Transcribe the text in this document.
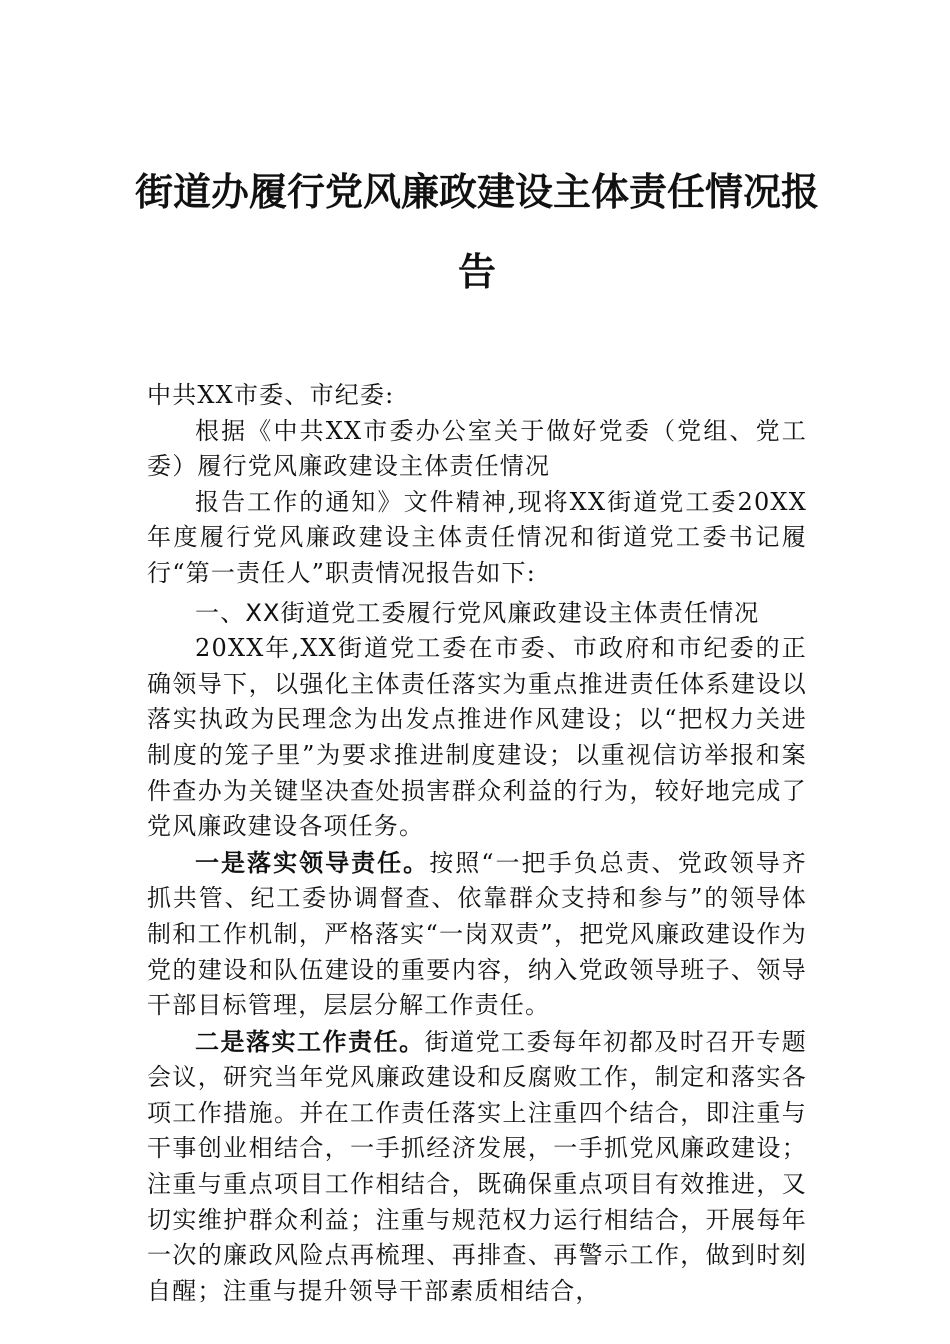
街道办履行党风廉政建设主体责任情况报
告

中共XX市委、市纪委:

根据《中共XX市委办公室关于做好党委（党组、党工委）履行党风廉政建设主体责任情况

报告工作的通知》文件精神,现将XX街道党工委20XX年度履行党风廉政建设主体责任情况和街道党工委书记履行“第一责任人”职责情况报告如下:

一、XX街道党工委履行党风廉政建设主体责任情况

20XX年,XX街道党工委在市委、市政府和市纪委的正确领导下，以强化主体责任落实为重点推进责任体系建设以落实执政为民理念为出发点推进作风建设；以“把权力关进制度的笼子里”为要求推进制度建设；以重视信访举报和案件查办为关键坚决查处损害群众利益的行为，较好地完成了党风廉政建设各项任务。

一是落实领导责任。按照“一把手负总责、党政领导齐抓共管、纪工委协调督查、依靠群众支持和参与”的领导体制和工作机制，严格落实“一岗双责”，把党风廉政建设作为党的建设和队伍建设的重要内容，纳入党政领导班子、领导干部目标管理，层层分解工作责任。

二是落实工作责任。街道党工委每年初都及时召开专题会议，研究当年党风廉政建设和反腐败工作，制定和落实各项工作措施。并在工作责任落实上注重四个结合，即注重与干事创业相结合，一手抓经济发展，一手抓党风廉政建设；注重与重点项目工作相结合，既确保重点项目有效推进，又切实维护群众利益；注重与规范权力运行相结合，开展每年一次的廉政风险点再梳理、再排查、再警示工作，做到时刻自醒；注重与提升领导干部素质相结合，
